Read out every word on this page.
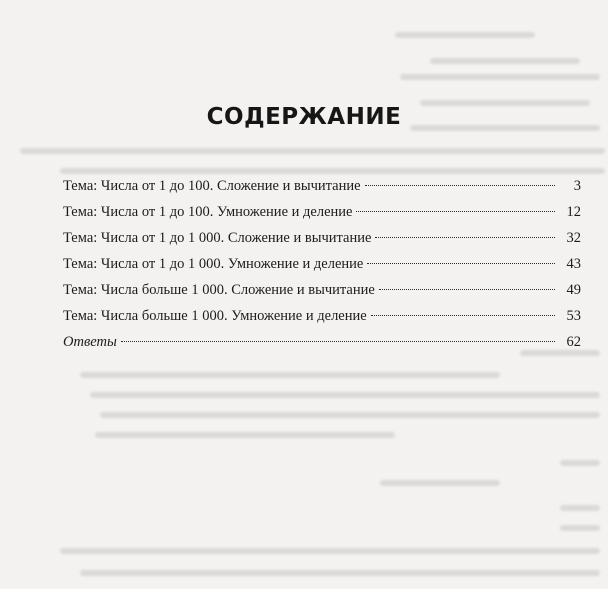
СОДЕРЖАНИЕ
Тема: Числа от 1 до 100. Сложение и вычитание	3
Тема: Числа от 1 до 100. Умножение и деление	12
Тема: Числа от 1 до 1 000. Сложение и вычитание	32
Тема: Числа от 1 до 1 000. Умножение и деление	43
Тема: Числа больше 1 000. Сложение и вычитание	49
Тема: Числа больше 1 000. Умножение и деление	53
Ответы	62
